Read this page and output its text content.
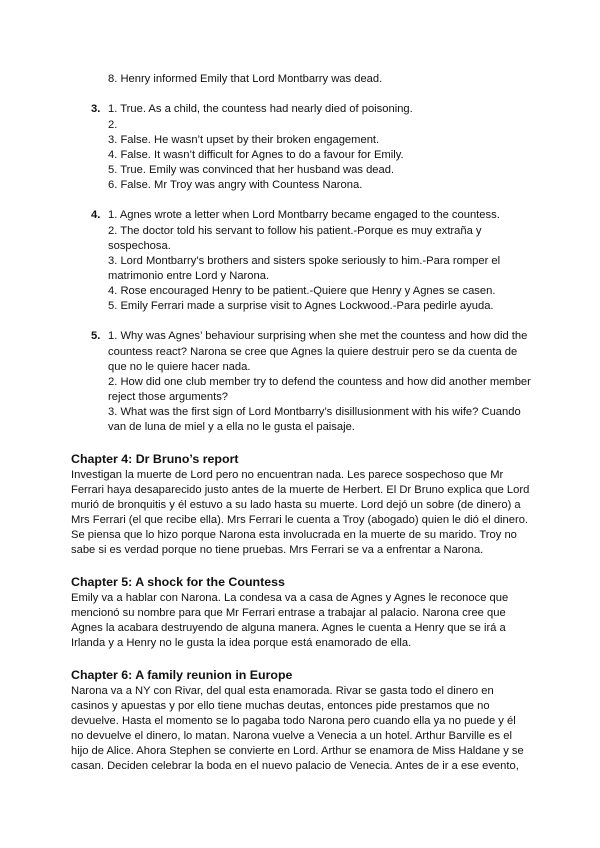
8. Henry informed Emily that Lord Montbarry was dead.
3. 1. True. As a child, the countess had nearly died of poisoning.
2.
3. False. He wasn’t upset by their broken engagement.
4. False. It wasn’t difficult for Agnes to do a favour for Emily.
5. True. Emily was convinced that her husband was dead.
6. False. Mr Troy was angry with Countess Narona.
4. 1. Agnes wrote a letter when Lord Montbarry became engaged to the countess.
2. The doctor told his servant to follow his patient.-Porque es muy extraña y
sospechosa.
3. Lord Montbarry’s brothers and sisters spoke seriously to him.-Para romper el
matrimonio entre Lord y Narona.
4. Rose encouraged Henry to be patient.-Quiere que Henry y Agnes se casen.
5. Emily Ferrari made a surprise visit to Agnes Lockwood.-Para pedirle ayuda.
5. 1. Why was Agnes’ behaviour surprising when she met the countess and how did the
countess react? Narona se cree que Agnes la quiere destruir pero se da cuenta de
que no le quiere hacer nada.
2. How did one club member try to defend the countess and how did another member
reject those arguments?
3. What was the first sign of Lord Montbarry’s disillusionment with his wife? Cuando
van de luna de miel y a ella no le gusta el paisaje.
Chapter 4: Dr Bruno’s report
Investigan la muerte de Lord pero no encuentran nada. Les parece sospechoso que Mr
Ferrari haya desaparecido justo antes de la muerte de Herbert. El Dr Bruno explica que Lord
murió de bronquitis y él estuvo a su lado hasta su muerte. Lord dejó un sobre (de dinero) a
Mrs Ferrari (el que recibe ella). Mrs Ferrari le cuenta a Troy (abogado) quien le dió el dinero.
Se piensa que lo hizo porque Narona esta involucrada en la muerte de su marido. Troy no
sabe si es verdad porque no tiene pruebas. Mrs Ferrari se va a enfrentar a Narona.
Chapter 5: A shock for the Countess
Emily va a hablar con Narona. La condesa va a casa de Agnes y Agnes le reconoce que
mencionó su nombre para que Mr Ferrari entrase a trabajar al palacio. Narona cree que
Agnes la acabara destruyendo de alguna manera. Agnes le cuenta a Henry que se irá a
Irlanda y a Henry no le gusta la idea porque está enamorado de ella.
Chapter 6: A family reunion in Europe
Narona va a NY con Rivar, del qual esta enamorada. Rivar se gasta todo el dinero en
casinos y apuestas y por ello tiene muchas deutas, entonces pide prestamos que no
devuelve. Hasta el momento se lo pagaba todo Narona pero cuando ella ya no puede y él
no devuelve el dinero, lo matan. Narona vuelve a Venecia a un hotel. Arthur Barville es el
hijo de Alice. Ahora Stephen se convierte en Lord. Arthur se enamora de Miss Haldane y se
casan. Deciden celebrar la boda en el nuevo palacio de Venecia. Antes de ir a ese evento,
